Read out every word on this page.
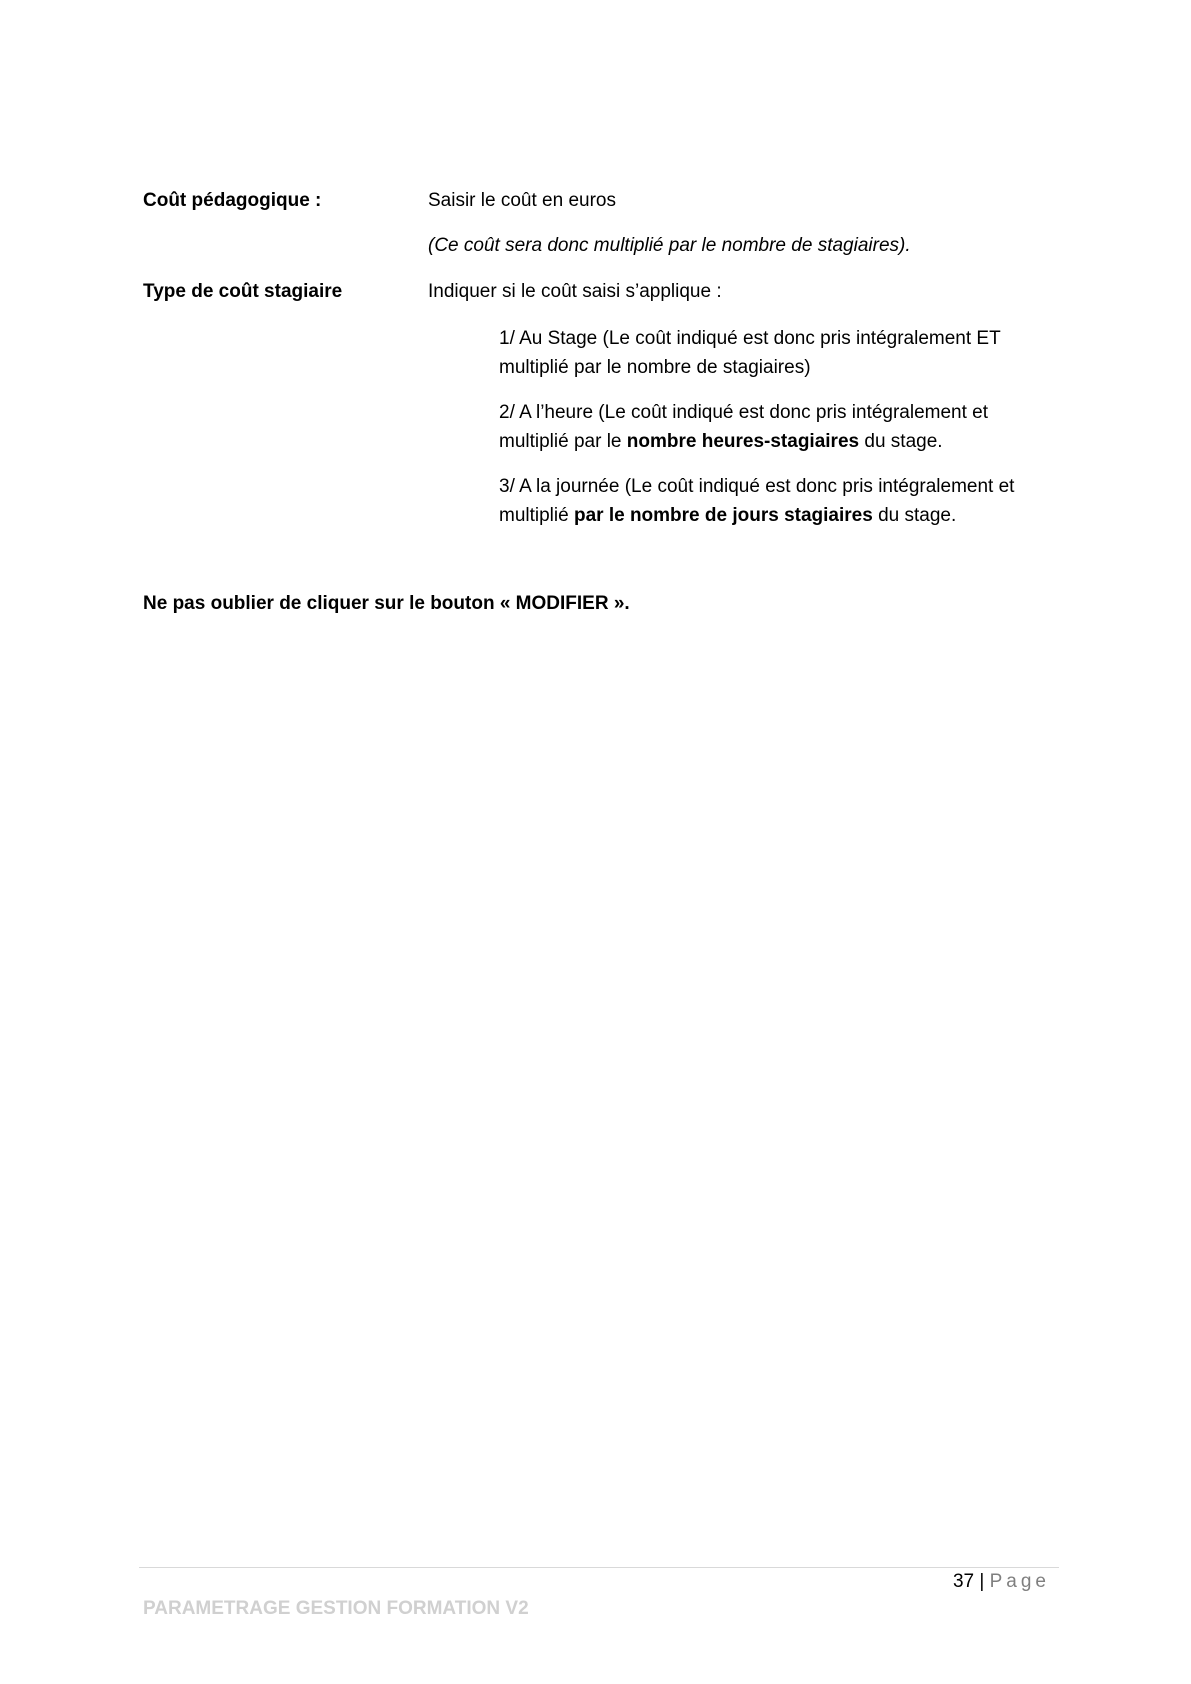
Coût pédagogique :	Saisir le coût en euros
(Ce coût sera donc multiplié par le nombre de stagiaires).
Type de coût stagiaire	Indiquer si le coût saisi s’applique :
1/ Au Stage (Le coût indiqué est donc pris intégralement ET multiplié par le nombre de stagiaires)
2/ A l’heure (Le coût indiqué est donc pris intégralement et multiplié par le nombre heures-stagiaires du stage.
3/ A la journée (Le coût indiqué est donc pris intégralement et multiplié par le nombre de jours stagiaires du stage.
Ne pas oublier de cliquer sur le bouton « MODIFIER ».
37 | Page
PARAMETRAGE GESTION FORMATION V2
